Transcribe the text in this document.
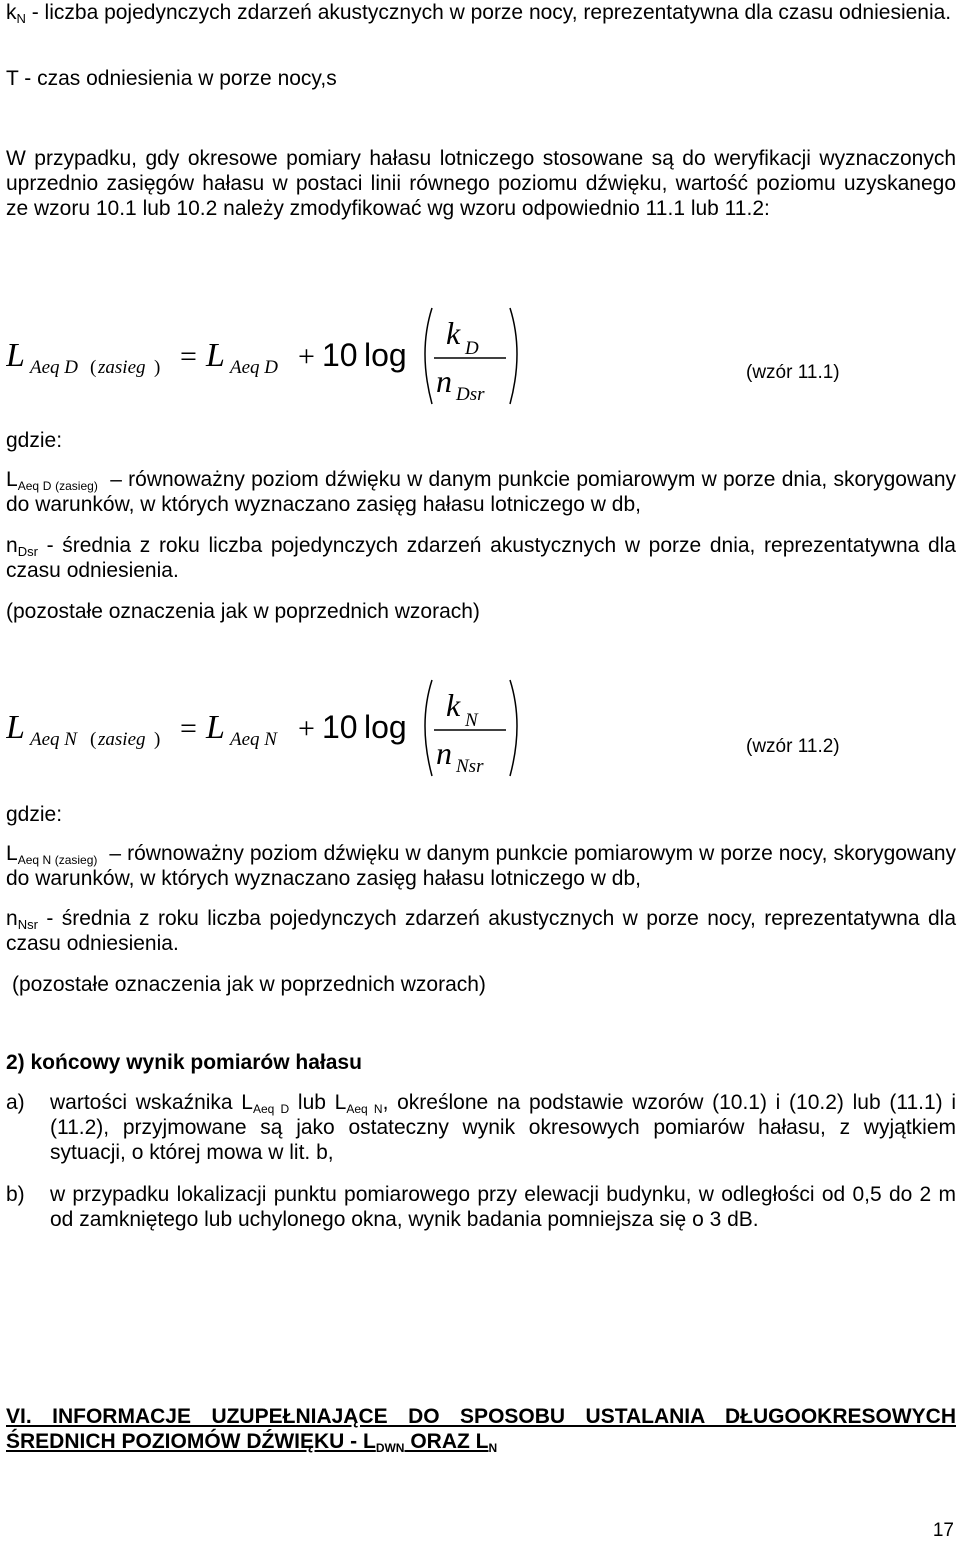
$k_N$ - liczba pojedynczych zdarzeń akustycznych w porze nocy, reprezentatywna dla czasu odniesienia.
T - czas odniesienia w porze nocy,s
W przypadku, gdy okresowe pomiary hałasu lotniczego stosowane są do weryfikacji wyznaczonych uprzednio zasięgów hałasu w postaci linii równego poziomu dźwięku, wartość poziomu uzyskanego ze wzoru 10.1 lub 10.2 należy zmodyfikować wg wzoru odpowiednio 11.1 lub 11.2:
L Aeq D ( zasieg ) = L Aeq D + 10 log
k D
n Dsr
(wzór 11.1)
gdzie:
LAeq D (zasieg)  – równoważny poziom dźwięku w danym punkcie pomiarowym w porze dnia, skorygowany do warunków, w których wyznaczano zasięg hałasu lotniczego w db,
$n_{Dsr}$ - średnia z roku liczba pojedynczych zdarzeń akustycznych w porze dnia, reprezentatywna dla czasu odniesienia.
(pozostałe oznaczenia jak w poprzednich wzorach)
L Aeq N ( zasieg ) = L Aeq N + 10 log
k N
n Nsr
(wzór 11.2)
gdzie:
LAeq N (zasieg)  – równoważny poziom dźwięku w danym punkcie pomiarowym w porze nocy, skorygowany do warunków, w których wyznaczano zasięg hałasu lotniczego w db,
$n_{Nsr}$ - średnia z roku liczba pojedynczych zdarzeń akustycznych w porze nocy, reprezentatywna dla czasu odniesienia.
(pozostałe oznaczenia jak w poprzednich wzorach)
2) końcowy wynik pomiarów hałasu
a) wartości wskaźnika LAeq D lub LAeq N, określone na podstawie wzorów (10.1) i (10.2) lub (11.1) i (11.2), przyjmowane są jako ostateczny wynik okresowych pomiarów hałasu, z wyjątkiem sytuacji, o której mowa w lit. b,
b) w przypadku lokalizacji punktu pomiarowego przy elewacji budynku, w odległości od 0,5 do 2 m od zamkniętego lub uchylonego okna, wynik badania pomniejsza się o 3 dB.
VI. INFORMACJE UZUPEŁNIAJĄCE DO SPOSOBU USTALANIA DŁUGOOKRESOWYCH ŚREDNICH POZIOMÓW DŹWIĘKU - LDWN ORAZ LN
17
